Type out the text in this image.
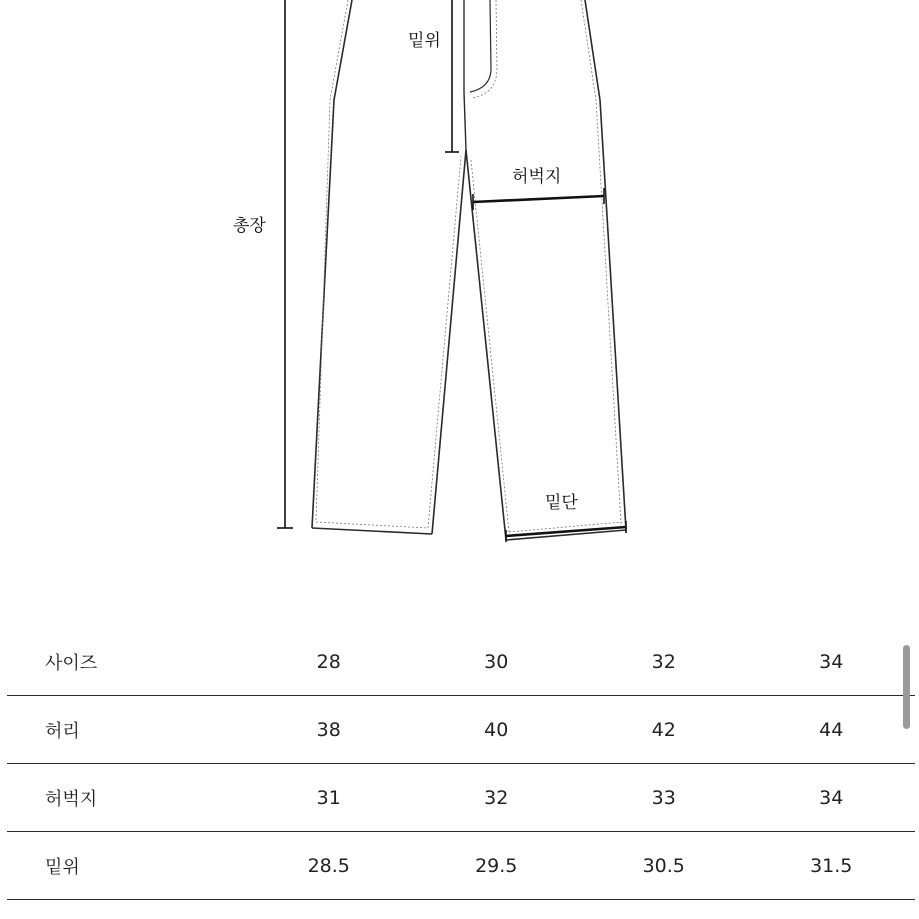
밑위
허벅지
총장
밑단
사이즈	28	30	32	34
허리	38	40	42	44
허벅지	31	32	33	34
밑위	28.5	29.5	30.5	31.5
